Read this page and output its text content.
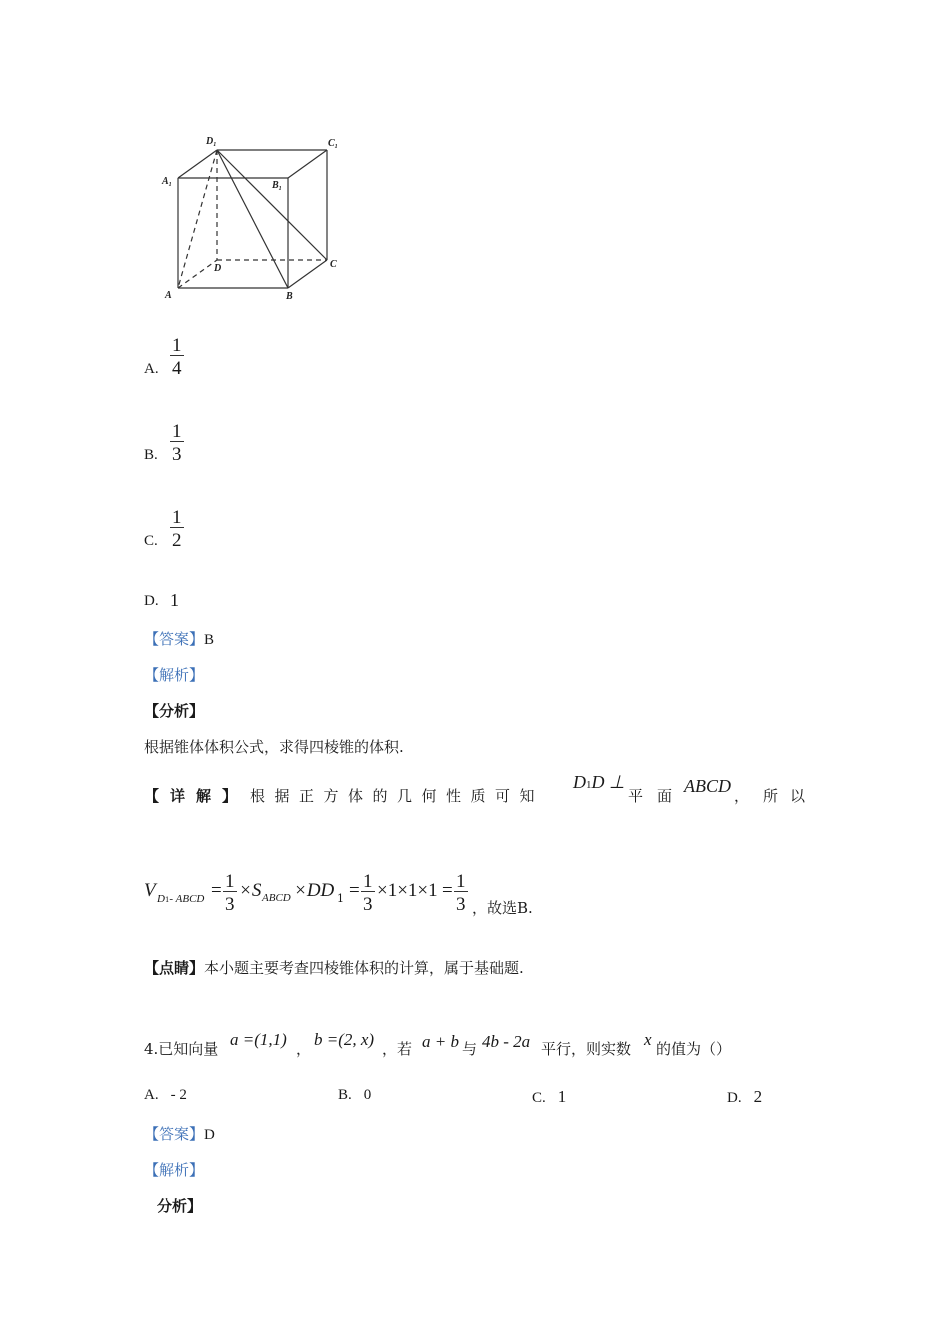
$D_1$	$C_1$
$A_1$	$B_1$
D	C
A	B
A. $\frac{1}{4}$
B. $\frac{1}{3}$
C. $\frac{1}{2}$
D. 1
【答案】B
【解析】
【分析】
根据锥体体积公式，求得四棱锥的体积.
【详解】 根据正方体的几何性质可知
D1D ⊥
平面
ABCD ， 所以
V D1- ABCD = $\frac{1}{3} \times S$ ABCD ×DD $1 = \frac{1}{3} \times 1\times 1\times 1 = \frac{1}{3}$ ，故选B.
【点睛】本小题主要考查四棱锥体积的计算，属于基础题.
4.已知向量 a =(1,1) ， b =(2, x) ，若 a + b 与 4b - 2a 平行，则实数 x 的值为（）
A. - 2	B. 0	C. 1	D. 2
【答案】D
【解析】
分析】
